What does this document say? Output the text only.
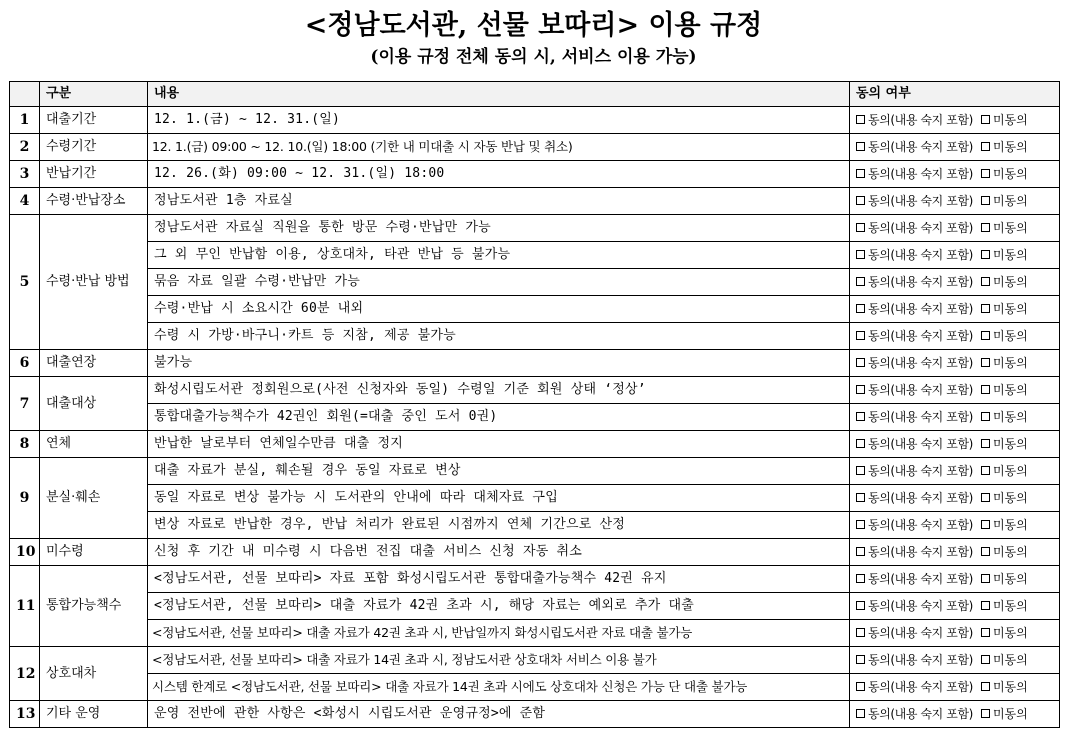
<정남도서관, 선물 보따리> 이용 규정
(이용 규정 전체 동의 시, 서비스 이용 가능)
	구분	내용	동의 여부
1	대출기간	12. 1.(금) ~ 12. 31.(일)	동의(내용 숙지 포함) 미동의

2	수령기간	12. 1.(금) 09:00 ~ 12. 10.(일) 18:00 (기한 내 미대출 시 자동 반납 및 취소)	동의(내용 숙지 포함) 미동의

3	반납기간	12. 26.(화) 09:00 ~ 12. 31.(일) 18:00	동의(내용 숙지 포함) 미동의

4	수령·반납장소	정남도서관 1층 자료실	동의(내용 숙지 포함) 미동의

5	수령·반납 방법	정남도서관 자료실 직원을 통한 방문 수령·반납만 가능	동의(내용 숙지 포함) 미동의

		그 외 무인 반납함 이용, 상호대차, 타관 반납 등 불가능	동의(내용 숙지 포함) 미동의

		묶음 자료 일괄 수령·반납만 가능	동의(내용 숙지 포함) 미동의

		수령·반납 시 소요시간 60분 내외	동의(내용 숙지 포함) 미동의

		수령 시 가방·바구니·카트 등 지참, 제공 불가능	동의(내용 숙지 포함) 미동의

6	대출연장	불가능	동의(내용 숙지 포함) 미동의

7	대출대상	화성시립도서관 정회원으로(사전 신청자와 동일) 수령일 기준 회원 상태 ‘정상’	동의(내용 숙지 포함) 미동의

		통합대출가능책수가 42권인 회원(=대출 중인 도서 0권)	동의(내용 숙지 포함) 미동의

8	연체	반납한 날로부터 연체일수만큼 대출 정지	동의(내용 숙지 포함) 미동의

9	분실·훼손	대출 자료가 분실, 훼손될 경우 동일 자료로 변상	동의(내용 숙지 포함) 미동의

		동일 자료로 변상 불가능 시 도서관의 안내에 따라 대체자료 구입	동의(내용 숙지 포함) 미동의

		변상 자료로 반납한 경우, 반납 처리가 완료된 시점까지 연체 기간으로 산정	동의(내용 숙지 포함) 미동의

10	미수령	신청 후 기간 내 미수령 시 다음번 전집 대출 서비스 신청 자동 취소	동의(내용 숙지 포함) 미동의

11	통합가능책수	<정남도서관, 선물 보따리> 자료 포함 화성시립도서관 통합대출가능책수 42권 유지	동의(내용 숙지 포함) 미동의

		<정남도서관, 선물 보따리> 대출 자료가 42권 초과 시, 해당 자료는 예외로 추가 대출	동의(내용 숙지 포함) 미동의

		<정남도서관, 선물 보따리> 대출 자료가 42권 초과 시, 반납일까지 화성시립도서관 자료 대출 불가능	동의(내용 숙지 포함) 미동의

12	상호대차	<정남도서관, 선물 보따리> 대출 자료가 14권 초과 시, 정남도서관 상호대차 서비스 이용 불가	동의(내용 숙지 포함) 미동의

		시스템 한계로 <정남도서관, 선물 보따리> 대출 자료가 14권 초과 시에도 상호대차 신청은 가능 단 대출 불가능	동의(내용 숙지 포함) 미동의

13	기타 운영	운영 전반에 관한 사항은 <화성시 시립도서관 운영규정>에 준함	동의(내용 숙지 포함) 미동의
